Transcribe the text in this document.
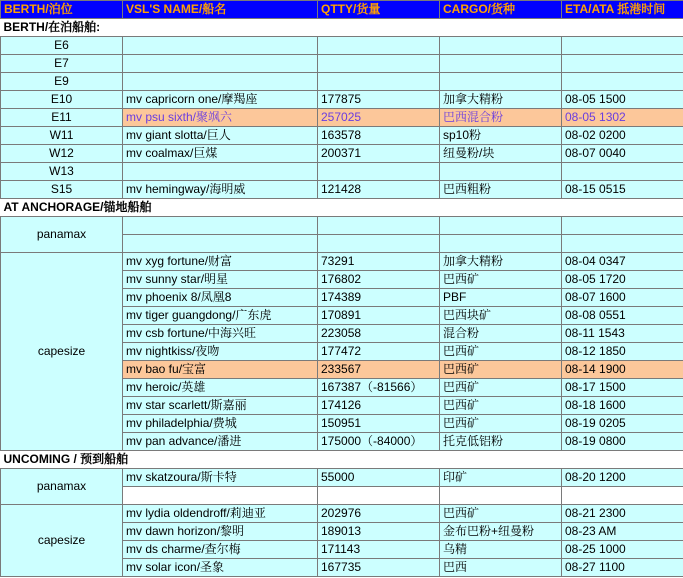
BERTH/泊位	VSL'S NAME/船名	QTTY/货量	CARGO/货种	ETA/ATA 抵港时间
BERTH/在泊船舶:				
E6				
E7				
E9				
E10	mv capricorn one/摩羯座	177875	加拿大精粉	08-05 1500
E11	mv psu sixth/聚飒六	257025	巴西混合粉	08-05 1302
W11	mv giant slotta/巨人	163578	sp10粉	08-02 0200
W12	mv coalmax/巨煤	200371	纽曼粉/块	08-07 0040
W13				
S15	mv hemingway/海明威	121428	巴西粗粉	08-15 0515
AT ANCHORAGE/锚地船舶				
panamax				

capesize	mv xyg fortune/财富	73291	加拿大精粉	08-04 0347
	mv sunny star/明星	176802	巴西矿	08-05 1720
	mv phoenix 8/凤凰8	174389	PBF	08-07 1600
	mv tiger guangdong/广东虎	170891	巴西块矿	08-08 0551
	mv csb fortune/中海兴旺	223058	混合粉	08-11 1543
	mv nightkiss/夜吻	177472	巴西矿	08-12 1850
	mv bao fu/宝富	233567	巴西矿	08-14 1900
	mv heroic/英雄	167387（-81566）	巴西矿	08-17 1500
	mv star scarlett/斯嘉丽	174126	巴西矿	08-18 1600
	mv philadelphia/费城	150951	巴西矿	08-19 0205
	mv pan advance/潘进	175000（-84000）	托克低铝粉	08-19 0800
UNCOMING / 预到船舶				
panamax	mv skatzoura/斯卡特	55000	印矿	08-20 1200

capesize	mv lydia oldendroff/莉迪亚	202976	巴西矿	08-21 2300
	mv dawn horizon/黎明	189013	金布巴粉+纽曼粉	08-23 AM
	mv ds charme/查尔梅	171143	乌精	08-25 1000
	mv solar icon/圣象	167735	巴西	08-27 1100
